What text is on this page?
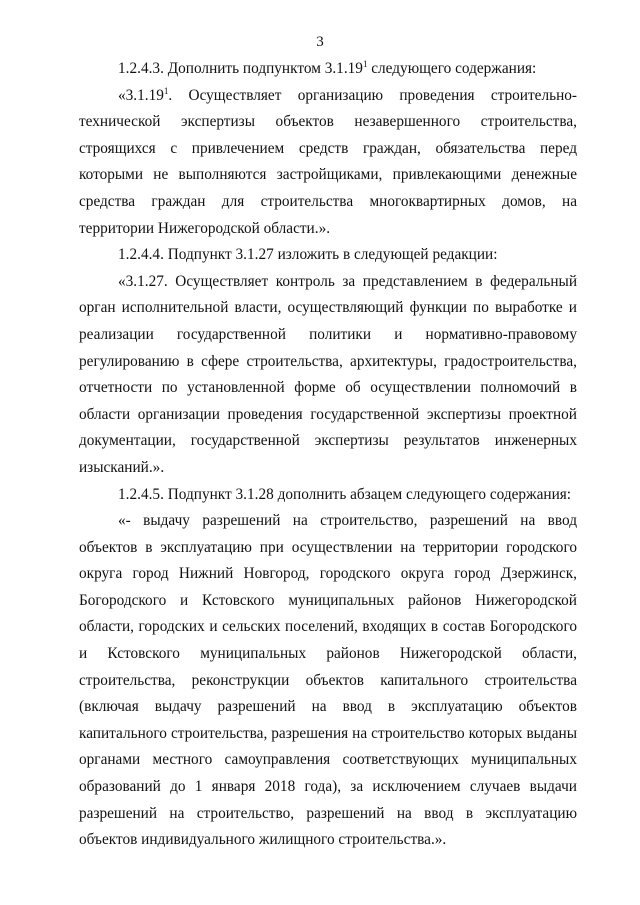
3

1.2.4.3. Дополнить подпунктом 3.1.19$^1$ следующего содержания:

«3.1.19$^1$. Осуществляет организацию проведения строительно-технической экспертизы объектов незавершенного строительства, строящихся с привлечением средств граждан, обязательства перед которыми не выполняются застройщиками, привлекающими денежные средства граждан для строительства многоквартирных домов, на территории Нижегородской области.».

1.2.4.4. Подпункт 3.1.27 изложить в следующей редакции:

«3.1.27. Осуществляет контроль за представлением в федеральный орган исполнительной власти, осуществляющий функции по выработке и реализации государственной политики и нормативно-правовому регулированию в сфере строительства, архитектуры, градостроительства, отчетности по установленной форме об осуществлении полномочий в области организации проведения государственной экспертизы проектной документации, государственной экспертизы результатов инженерных изысканий.».

1.2.4.5. Подпункт 3.1.28 дополнить абзацем следующего содержания:

«- выдачу разрешений на строительство, разрешений на ввод объектов в эксплуатацию при осуществлении на территории городского округа город Нижний Новгород, городского округа город Дзержинск, Богородского и Кстовского муниципальных районов Нижегородской области, городских и сельских поселений, входящих в состав Богородского и Кстовского муниципальных районов Нижегородской области, строительства, реконструкции объектов капитального строительства (включая выдачу разрешений на ввод в эксплуатацию объектов капитального строительства, разрешения на строительство которых выданы органами местного самоуправления соответствующих муниципальных образований до 1 января 2018 года), за исключением случаев выдачи разрешений на строительство, разрешений на ввод в эксплуатацию объектов индивидуального жилищного строительства.».
